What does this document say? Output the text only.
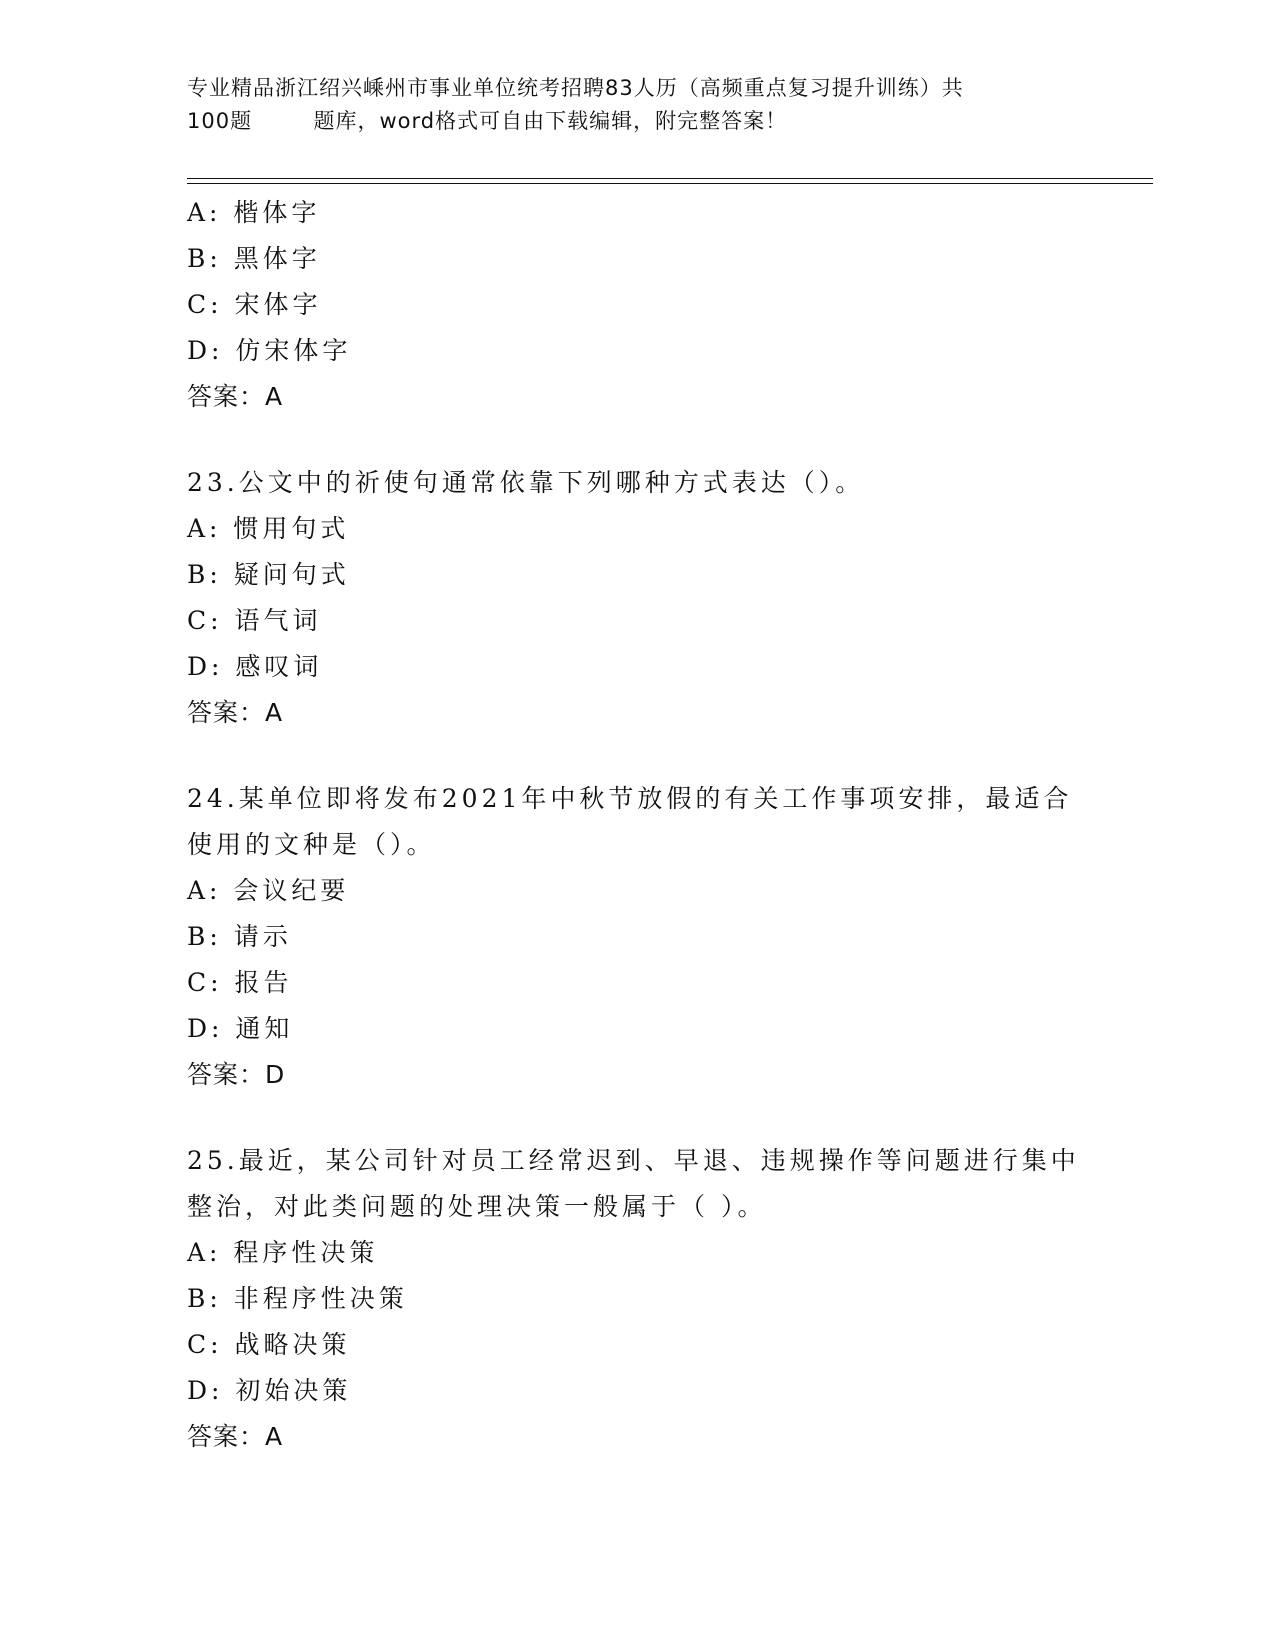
专业精品浙江绍兴嵊州市事业单位统考招聘83人历（高频重点复习提升训练）共
100题        题库，word格式可自由下载编辑，附完整答案！
A: 楷体字
B: 黑体字
C: 宋体字
D: 仿宋体字
答案：A
23.公文中的祈使句通常依靠下列哪种方式表达（）。
A: 惯用句式
B: 疑问句式
C: 语气词
D: 感叹词
答案：A
24.某单位即将发布2021年中秋节放假的有关工作事项安排，最适合
使用的文种是（）。
A: 会议纪要
B: 请示
C: 报告
D: 通知
答案：D
25.最近，某公司针对员工经常迟到、早退、违规操作等问题进行集中
整治，对此类问题的处理决策一般属于（ ）。
A: 程序性决策
B: 非程序性决策
C: 战略决策
D: 初始决策
答案：A
